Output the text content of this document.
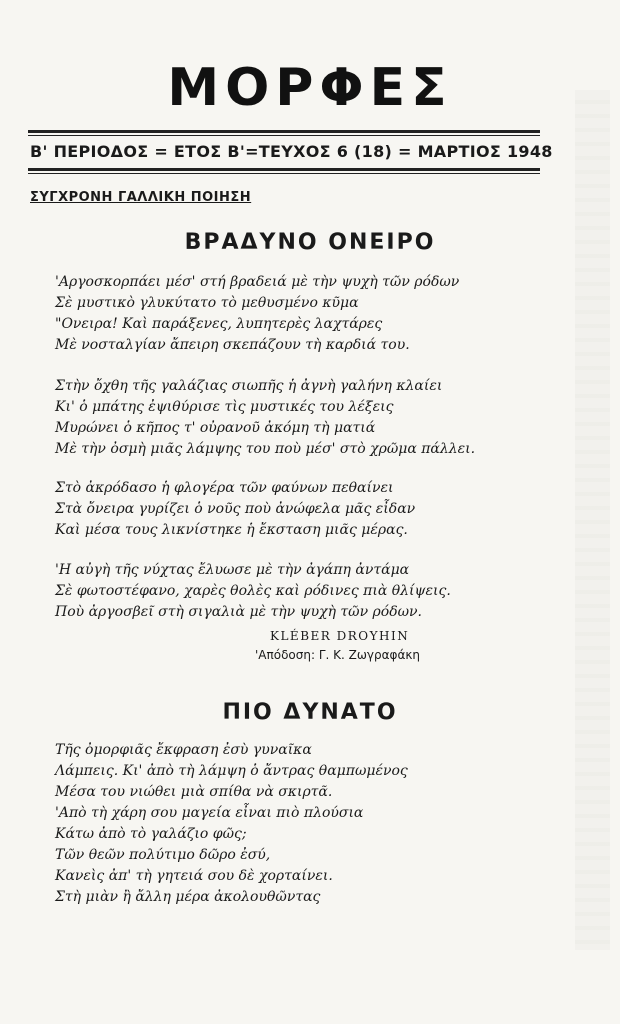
ΜΟΡΦΕΣ
Β' ΠΕΡΙΟΔΟΣ = ΕΤΟΣ Β'=ΤΕΥΧΟΣ 6 (18) = ΜΑΡΤΙΟΣ 1948
ΣΥΓΧΡΟΝΗ ΓΑΛΛΙΚΗ ΠΟΙΗΣΗ
ΒΡΑΔΥΝΟ ΟΝΕΙΡΟ
'Αργοσκορπάει μέσ' στή βραδειά μὲ τὴν ψυχὴ τῶν ρόδων
Σὲ μυστικὸ γλυκύτατο τὸ μεθυσμένο κῦμα
"Ονειρα! Καὶ παράξενες, λυπητερὲς λαχτάρες
Μὲ νοσταλγίαν ἄπειρη σκεπάζουν τὴ καρδιά του.
Στὴν ὄχθη τῆς γαλάζιας σιωπῆς ἡ ἀγνὴ γαλήνη κλαίει
Κι' ὁ μπάτης ἐψιθύρισε τὶς μυστικές του λέξεις
Μυρώνει ὁ κῆπος τ' οὐρανοῦ ἀκόμη τὴ ματιά
Μὲ τὴν ὀσμὴ μιᾶς λάμψης του ποὺ μέσ' στὸ χρῶμα πάλλει.
Στὸ ἀκρόδασο ἡ φλογέρα τῶν φαύνων πεθαίνει
Στὰ ὄνειρα γυρίζει ὁ νοῦς ποὺ ἀνώφελα μᾶς εἶδαν
Καὶ μέσα τους λικνίστηκε ἡ ἔκσταση μιᾶς μέρας.
'Η αὐγὴ τῆς νύχτας ἔλυωσε μὲ τὴν ἀγάπη ἀντάμα
Σὲ φωτοστέφανο, χαρὲς θολὲς καὶ ρόδινες πιὰ θλίψεις.
Ποὺ ἀργοσβεῖ στὴ σιγαλιὰ μὲ τὴν ψυχὴ τῶν ρόδων.
KLÉBER DROYHIN
'Απόδοση: Γ. Κ. Ζωγραφάκη
ΠΙΟ ΔΥΝΑΤΟ
Τῆς ὀμορφιᾶς ἔκφραση ἐσὺ γυναῖκα
Λάμπεις. Κι' ἀπὸ τὴ λάμψη ὁ ἄντρας θαμπωμένος
Μέσα του νιώθει μιὰ σπίθα νὰ σκιρτᾶ.
'Απὸ τὴ χάρη σου μαγεία εἶναι πιὸ πλούσια
Κάτω ἀπὸ τὸ γαλάζιο φῶς;
Τῶν θεῶν πολύτιμο δῶρο ἐσύ,
Κανεὶς ἀπ' τὴ γητειά σου δὲ χορταίνει.
Στὴ μιὰν ἢ ἄλλη μέρα ἀκολουθῶντας
